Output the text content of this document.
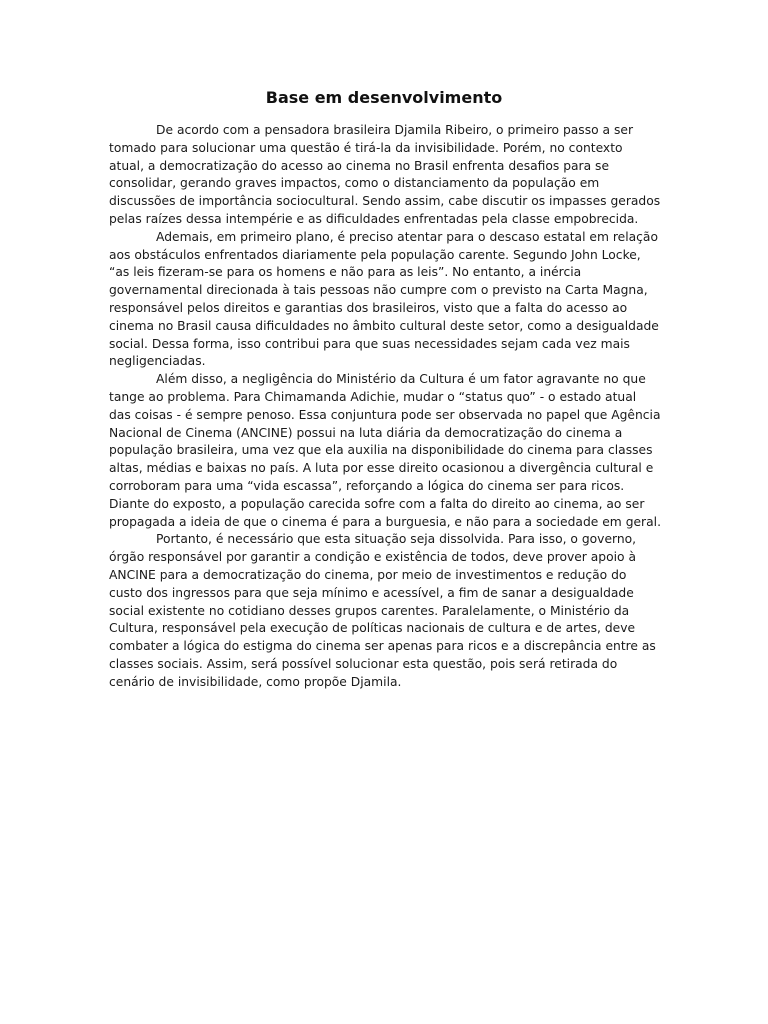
Base em desenvolvimento

De acordo com a pensadora brasileira Djamila Ribeiro, o primeiro passo a ser tomado para solucionar uma questão é tirá-la da invisibilidade. Porém, no contexto atual, a democratização do acesso ao cinema no Brasil enfrenta desafios para se consolidar, gerando graves impactos, como o distanciamento da população em discussões de importância sociocultural. Sendo assim, cabe discutir os impasses gerados pelas raízes dessa intempérie e as dificuldades enfrentadas pela classe empobrecida.

Ademais, em primeiro plano, é preciso atentar para o descaso estatal em relação aos obstáculos enfrentados diariamente pela população carente. Segundo John Locke, “as leis fizeram-se para os homens e não para as leis”. No entanto, a inércia governamental direcionada à tais pessoas não cumpre com o previsto na Carta Magna, responsável pelos direitos e garantias dos brasileiros, visto que a falta do acesso ao cinema no Brasil causa dificuldades no âmbito cultural deste setor, como a desigualdade social. Dessa forma, isso contribui para que suas necessidades sejam cada vez mais negligenciadas.

Além disso, a negligência do Ministério da Cultura é um fator agravante no que tange ao problema. Para Chimamanda Adichie, mudar o “status quo” - o estado atual das coisas - é sempre penoso. Essa conjuntura pode ser observada no papel que Agência Nacional de Cinema (ANCINE) possui na luta diária da democratização do cinema a população brasileira, uma vez que ela auxilia na disponibilidade do cinema para classes altas, médias e baixas no país. A luta por esse direito ocasionou a divergência cultural e corroboram para uma “vida escassa”, reforçando a lógica do cinema ser para ricos. Diante do exposto, a população carecida sofre com a falta do direito ao cinema, ao ser propagada a ideia de que o cinema é para a burguesia, e não para a sociedade em geral.

Portanto, é necessário que esta situação seja dissolvida. Para isso, o governo, órgão responsável por garantir a condição e existência de todos, deve prover apoio à ANCINE para a democratização do cinema, por meio de investimentos e redução do custo dos ingressos para que seja mínimo e acessível, a fim de sanar a desigualdade social existente no cotidiano desses grupos carentes. Paralelamente, o Ministério da Cultura, responsável pela execução de políticas nacionais de cultura e de artes, deve combater a lógica do estigma do cinema ser apenas para ricos e a discrepância entre as classes sociais. Assim, será possível solucionar esta questão, pois será retirada do cenário de invisibilidade, como propõe Djamila.
